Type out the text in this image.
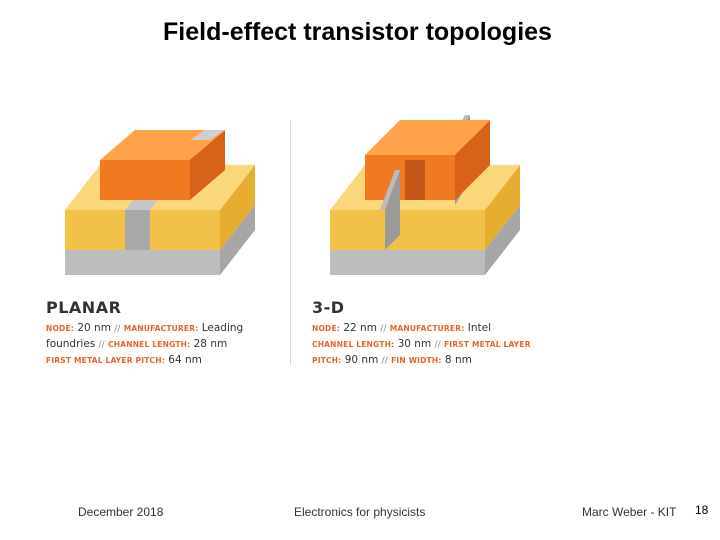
Field-effect transistor topologies
PLANAR
NODE: 20 nm // MANUFACTURER: Leading
foundries // CHANNEL LENGTH: 28 nm
FIRST METAL LAYER PITCH: 64 nm
3-D
NODE: 22 nm // MANUFACTURER: Intel
CHANNEL LENGTH: 30 nm // FIRST METAL LAYER
PITCH: 90 nm // FIN WIDTH: 8 nm
December 2018	Electronics for physicists	Marc Weber - KIT 18
